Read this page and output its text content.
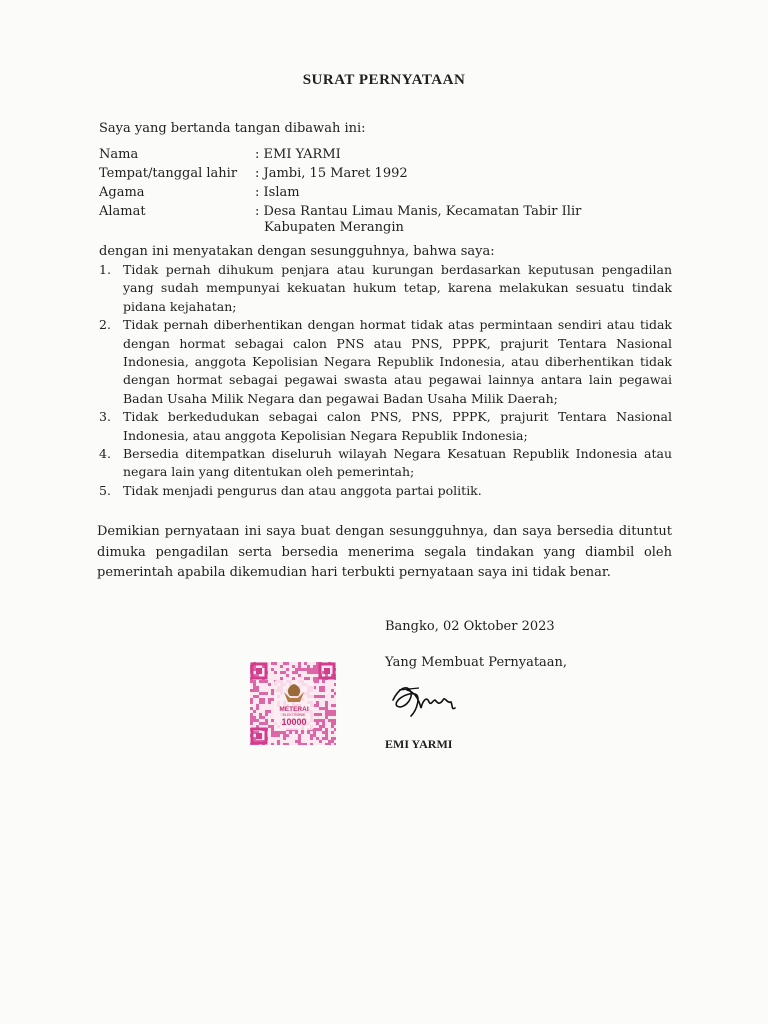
SURAT PERNYATAAN
Saya yang bertanda tangan dibawah ini:
Nama	: EMI YARMI
Tempat/tanggal lahir	: Jambi, 15 Maret 1992
Agama	: Islam
Alamat	: Desa Rantau Limau Manis, Kecamatan Tabir Ilir
Kabupaten Merangin
dengan ini menyatakan dengan sesungguhnya, bahwa saya:
1. Tidak pernah dihukum penjara atau kurungan berdasarkan keputusan pengadilan yang sudah mempunyai kekuatan hukum tetap, karena melakukan sesuatu tindak pidana kejahatan;
2. Tidak pernah diberhentikan dengan hormat tidak atas permintaan sendiri atau tidak dengan hormat sebagai calon PNS atau PNS, PPPK, prajurit Tentara Nasional Indonesia, anggota Kepolisian Negara Republik Indonesia, atau diberhentikan tidak dengan hormat sebagai pegawai swasta atau pegawai lainnya antara lain pegawai Badan Usaha Milik Negara dan pegawai Badan Usaha Milik Daerah;
3. Tidak berkedudukan sebagai calon PNS, PNS, PPPK, prajurit Tentara Nasional Indonesia, atau anggota Kepolisian Negara Republik Indonesia;
4. Bersedia ditempatkan diseluruh wilayah Negara Kesatuan Republik Indonesia atau negara lain yang ditentukan oleh pemerintah;
5. Tidak menjadi pengurus dan atau anggota partai politik.
Demikian pernyataan ini saya buat dengan sesungguhnya, dan saya bersedia dituntut dimuka pengadilan serta bersedia menerima segala tindakan yang diambil oleh pemerintah apabila dikemudian hari terbukti pernyataan saya ini tidak benar.
Bangko, 02 Oktober 2023
Yang Membuat Pernyataan,
EMI YARMI
METERAI
ELEKTRONIK
10000
